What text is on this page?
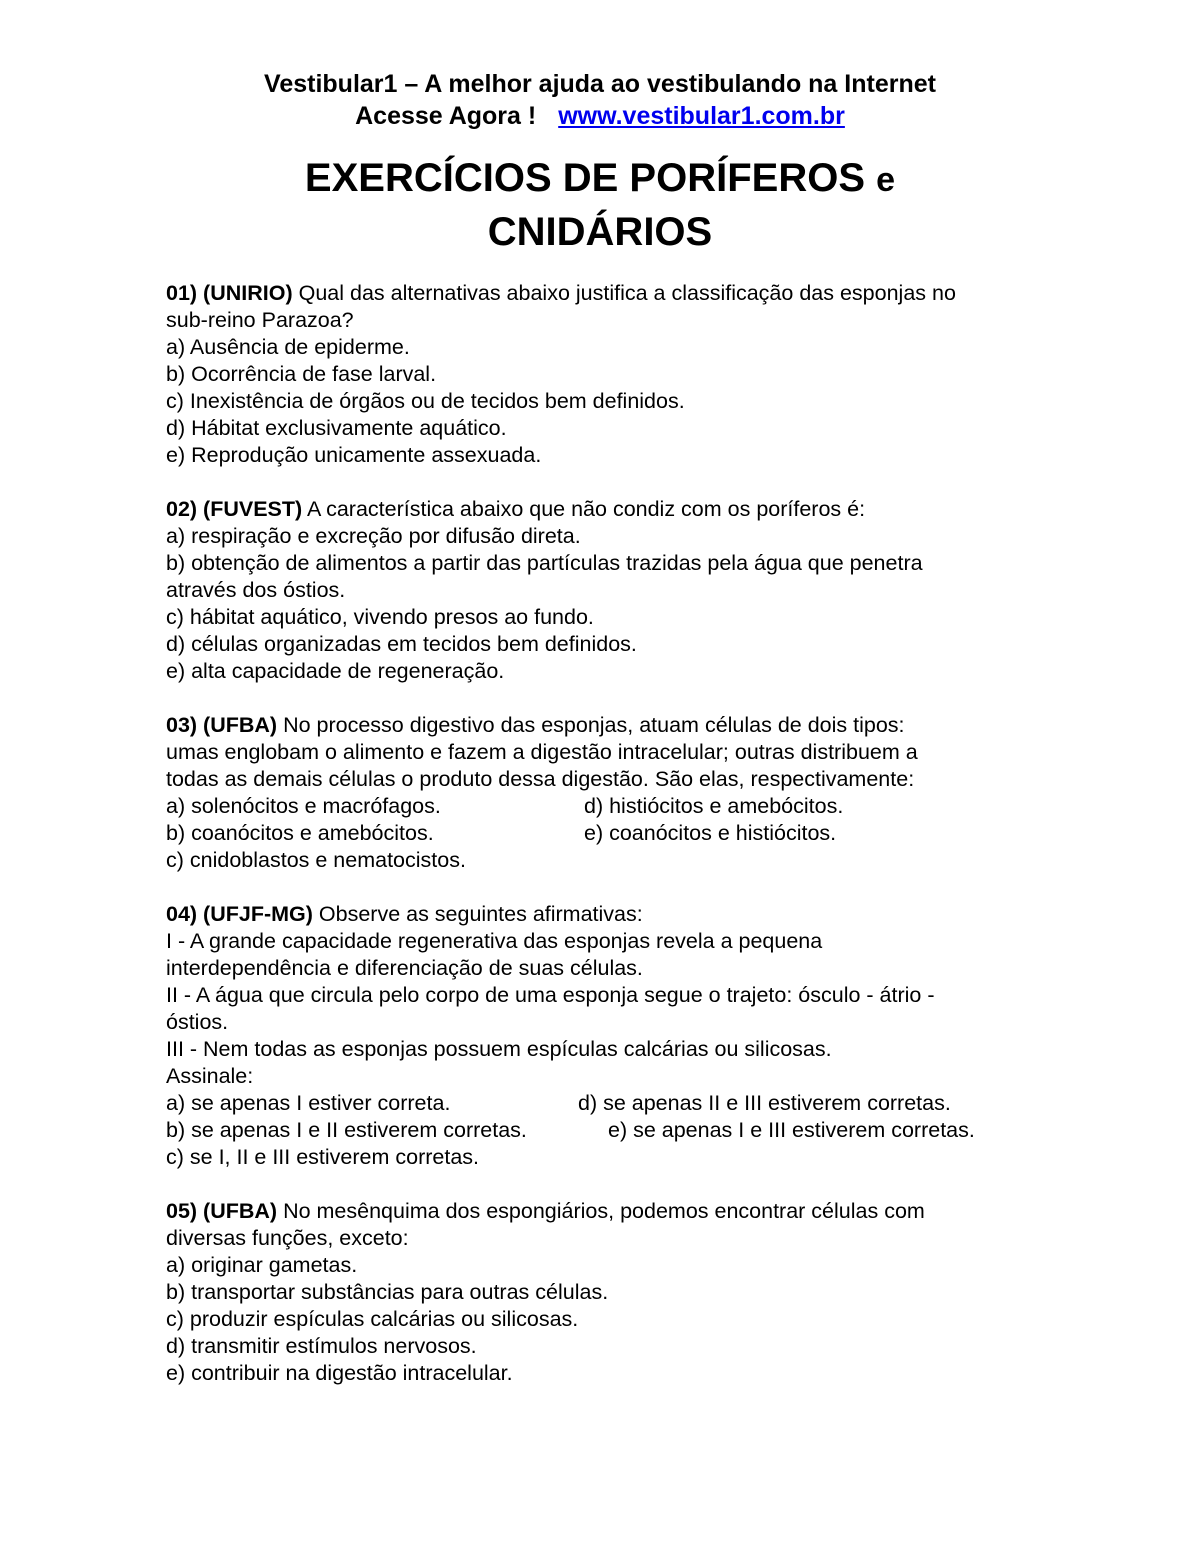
Vestibular1 – A melhor ajuda ao vestibulando na Internet
Acesse Agora ! www.vestibular1.com.br
EXERCÍCIOS DE PORÍFEROS e
CNIDÁRIOS

01) (UNIRIO) Qual das alternativas abaixo justifica a classificação das esponjas no

sub-reino Parazoa?

a) Ausência de epiderme.

b) Ocorrência de fase larval.

c) Inexistência de órgãos ou de tecidos bem definidos.

d) Hábitat exclusivamente aquático.

e) Reprodução unicamente assexuada.

02) (FUVEST) A característica abaixo que não condiz com os poríferos é:

a) respiração e excreção por difusão direta.

b) obtenção de alimentos a partir das partículas trazidas pela água que penetra

através dos óstios.

c) hábitat aquático, vivendo presos ao fundo.

d) células organizadas em tecidos bem definidos.

e) alta capacidade de regeneração.

03) (UFBA) No processo digestivo das esponjas, atuam células de dois tipos:

umas englobam o alimento e fazem a digestão intracelular; outras distribuem a

todas as demais células o produto dessa digestão. São elas, respectivamente:

a) solenócitos e macrófagos.	d) histiócitos e amebócitos.

b) coanócitos e amebócitos.	e) coanócitos e histiócitos.

c) cnidoblastos e nematocistos.

04) (UFJF-MG) Observe as seguintes afirmativas:

I - A grande capacidade regenerativa das esponjas revela a pequena

interdependência e diferenciação de suas células.

II - A água que circula pelo corpo de uma esponja segue o trajeto: ósculo - átrio -

óstios.

III - Nem todas as esponjas possuem espículas calcárias ou silicosas.

Assinale:

a) se apenas I estiver correta.	d) se apenas II e III estiverem corretas.

b) se apenas I e II estiverem corretas.	e) se apenas I e III estiverem corretas.

c) se I, II e III estiverem corretas.

05) (UFBA) No mesênquima dos espongiários, podemos encontrar células com

diversas funções, exceto:

a) originar gametas.

b) transportar substâncias para outras células.

c) produzir espículas calcárias ou silicosas.

d) transmitir estímulos nervosos.

e) contribuir na digestão intracelular.
